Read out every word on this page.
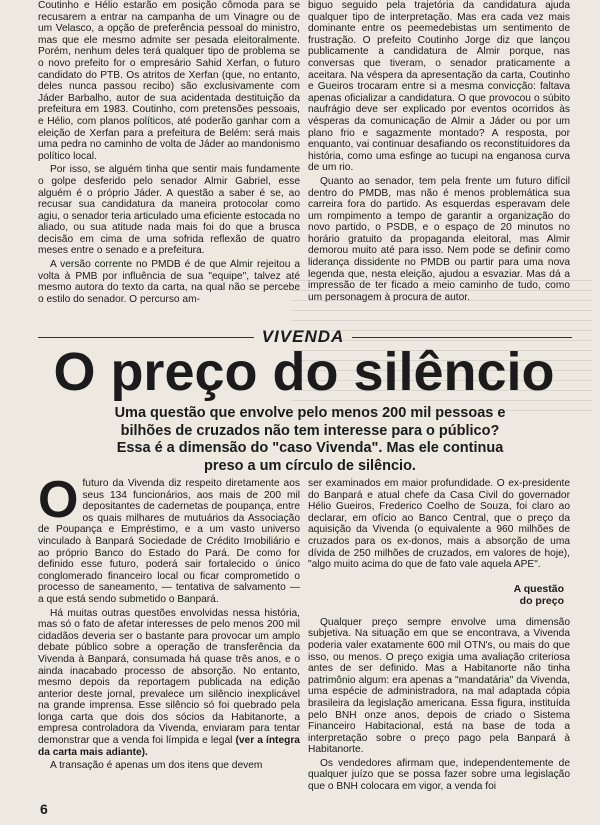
Coutinho e Hélio estarão em posição cômoda para se recusarem a entrar na campanha de um Vinagre ou de um Velasco, a opção de preferência pessoal do ministro, mas que ele mesmo admite ser pesada eleitoralmente. Porém, nenhum deles terá qualquer tipo de problema se o novo prefeito for o empresário Sahid Xerfan, o futuro candidato do PTB. Os atritos de Xerfan (que, no entanto, deles nunca passou recibo) são exclusivamente com Jáder Barbalho, autor de sua acidentada destituição da prefeitura em 1983. Coutinho, com pretensões pessoais, e Hélio, com planos políticos, até poderão ganhar com a eleição de Xerfan para a prefeitura de Belém: será mais uma pedra no caminho de volta de Jáder ao mandonismo político local.

Por isso, se alguém tinha que sentir mais fundamente o golpe desferido pelo senador Almir Gabriel, esse alguém é o próprio Jáder. A questão a saber é se, ao recusar sua candidatura da maneira protocolar como agiu, o senador teria articulado uma eficiente estocada no aliado, ou sua atitude nada mais foi do que a brusca decisão em cima de uma sofrida reflexão de quatro meses entre o senado e a prefeitura.

A versão corrente no PMDB é de que Almir rejeitou a volta à PMB por influência de sua "equipe", talvez até mesmo autora do texto da carta, na qual não se percebe o estilo do senador. O percurso am-

biguo seguido pela trajetória da candidatura ajuda qualquer tipo de interpretação. Mas era cada vez mais dominante entre os peemedebistas um sentimento de frustração. O prefeito Coutinho Jorge diz que lançou publicamente a candidatura de Almir porque, nas conversas que tiveram, o senador praticamente a aceitara. Na véspera da apresentação da carta, Coutinho e Gueiros trocaram entre si a mesma convicção: faltava apenas oficializar a candidatura. O que provocou o súbito naufrágio deve ser explicado por eventos ocorridos às vésperas da comunicação de Almir a Jáder ou por um plano frio e sagazmente montado? A resposta, por enquanto, vai continuar desafiando os reconstituidores da história, como uma esfinge ao tucupi na enganosa curva de um rio.

Quanto ao senador, tem pela frente um futuro difícil dentro do PMDB, mas não é menos problemática sua carreira fora do partido. As esquerdas esperavam dele um rompimento a tempo de garantir a organização do novo partido, o PSDB, e o espaço de 20 minutos no horário gratuito da propaganda eleitoral, mas Almir demorou muito até para isso. Nem pode se definir como liderança dissidente no PMDB ou partir para uma nova legenda que, nesta eleição, ajudou a esvaziar. Mas dá a impressão de ter ficado a meio caminho de tudo, como um personagem à procura de autor.

VIVENDA
O preço do silêncio
Uma questão que envolve pelo menos 200 mil pessoas e bilhões de cruzados não tem interesse para o público? Essa é a dimensão do "caso Vivenda". Mas ele continua preso a um círculo de silêncio.

O futuro da Vivenda diz respeito diretamente aos seus 134 funcionários, aos mais de 200 mil depositantes de cadernetas de poupança, entre os quais milhares de mutuários da Associação de Poupança e Empréstimo, e a um vasto universo vinculado à Banpará Sociedade de Crédito Imobiliário e ao próprio Banco do Estado do Pará. De como for definido esse futuro, poderá sair fortalecido o único conglomerado financeiro local ou ficar comprometido o processo de saneamento, — tentativa de salvamento — a que está sendo submetido o Banpará.

Há muitas outras questões envolvidas nessa história, mas só o fato de afetar interesses de pelo menos 200 mil cidadãos deveria ser o bastante para provocar um amplo debate público sobre a operação de transferência da Vivenda à Banpará, consumada há quase três anos, e o ainda inacabado processo de absorção. No entanto, mesmo depois da reportagem publicada na edição anterior deste jornal, prevalece um silêncio inexplicável na grande imprensa. Esse silêncio só foi quebrado pela longa carta que dois dos sócios da Habitanorte, a empresa controladora da Vivenda, enviaram para tentar demonstrar que a venda foi límpida e legal (ver a íntegra da carta mais adiante).

A transação é apenas um dos itens que devem

ser examinados em maior profundidade. O ex-presidente do Banpará e atual chefe da Casa Civil do governador Hélio Gueiros, Frederico Coelho de Souza, foi claro ao declarar, em ofício ao Banco Central, que o preço da aquisição da Vivenda (o equivalente a 960 milhões de cruzados para os ex-donos, mais a absorção de uma dívida de 250 milhões de cruzados, em valores de hoje), "algo muito acima do que de fato vale aquela APE".

A questão
do preço

Qualquer preço sempre envolve uma dimensão subjetiva. Na situação em que se encontrava, a Vivenda poderia valer exatamente 600 mil OTN's, ou mais do que isso, ou menos. O preço exigia uma avaliação criteriosa antes de ser definido. Mas a Habitanorte não tinha patrimônio algum: era apenas a "mandatária" da Vivenda, uma espécie de administradora, na mal adaptada cópia brasileira da legislação americana. Essa figura, instituída pelo BNH onze anos, depois de criado o Sistema Financeiro Habitacional, está na base de toda a interpretação sobre o preço pago pela Banpará à Habitanorte.

Os vendedores afirmam que, independentemente de qualquer juízo que se possa fazer sobre uma legislação que o BNH colocara em vigor, a venda foi

6
